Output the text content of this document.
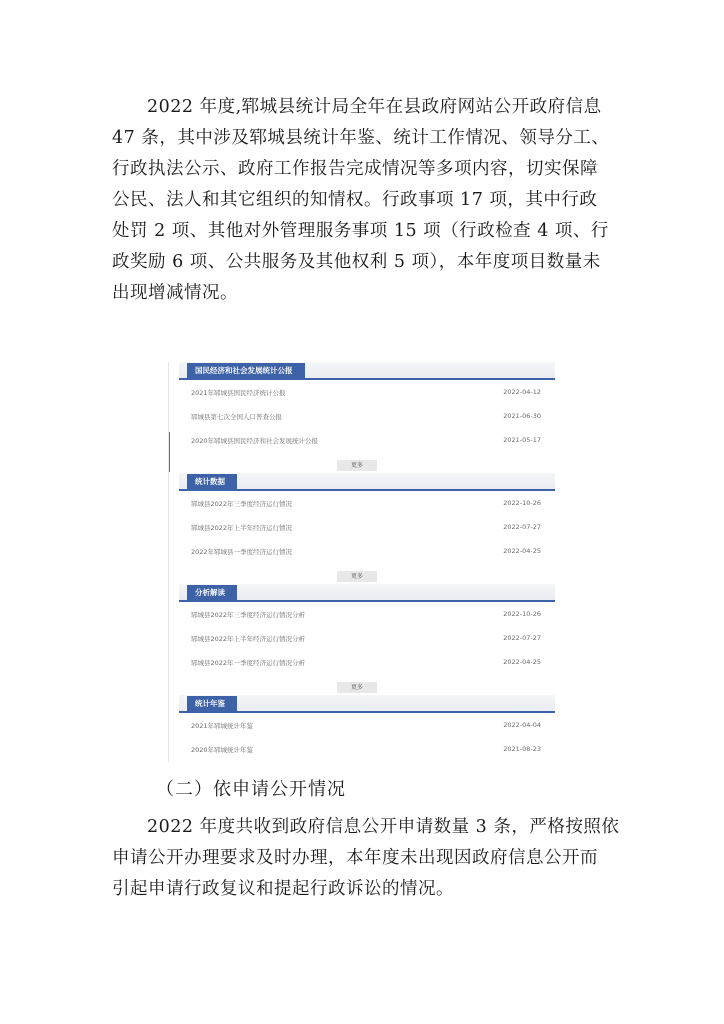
2022 年度,郓城县统计局全年在县政府网站公开政府信息
47 条，其中涉及郓城县统计年鉴、统计工作情况、领导分工、
行政执法公示、政府工作报告完成情况等多项内容，切实保障
公民、法人和其它组织的知情权。行政事项 17 项，其中行政
处罚 2 项、其他对外管理服务事项 15 项（行政检查 4 项、行
政奖励 6 项、公共服务及其他权利 5 项），本年度项目数量未
出现增减情况。
国民经济和社会发展统计公报
2021年郓城县国民经济统计公报	2022-04-12
郓城县第七次全国人口普查公报	2021-06-30
2020年郓城县国民经济和社会发展统计公报	2021-05-17
更多
统计数据
郓城县2022年三季度经济运行情况	2022-10-26
郓城县2022年上半年经济运行情况	2022-07-27
2022年郓城县一季度经济运行情况	2022-04-25
更多
分析解读
郓城县2022年三季度经济运行情况分析	2022-10-26
郓城县2022年上半年经济运行情况分析	2022-07-27
郓城县2022年一季度经济运行情况分析	2022-04-25
更多
统计年鉴
2021年郓城统计年鉴	2022-04-04
2020年郓城统计年鉴	2021-08-23
（二）依申请公开情况
2022 年度共收到政府信息公开申请数量 3 条，严格按照依
申请公开办理要求及时办理，本年度未出现因政府信息公开而
引起申请行政复议和提起行政诉讼的情况。
